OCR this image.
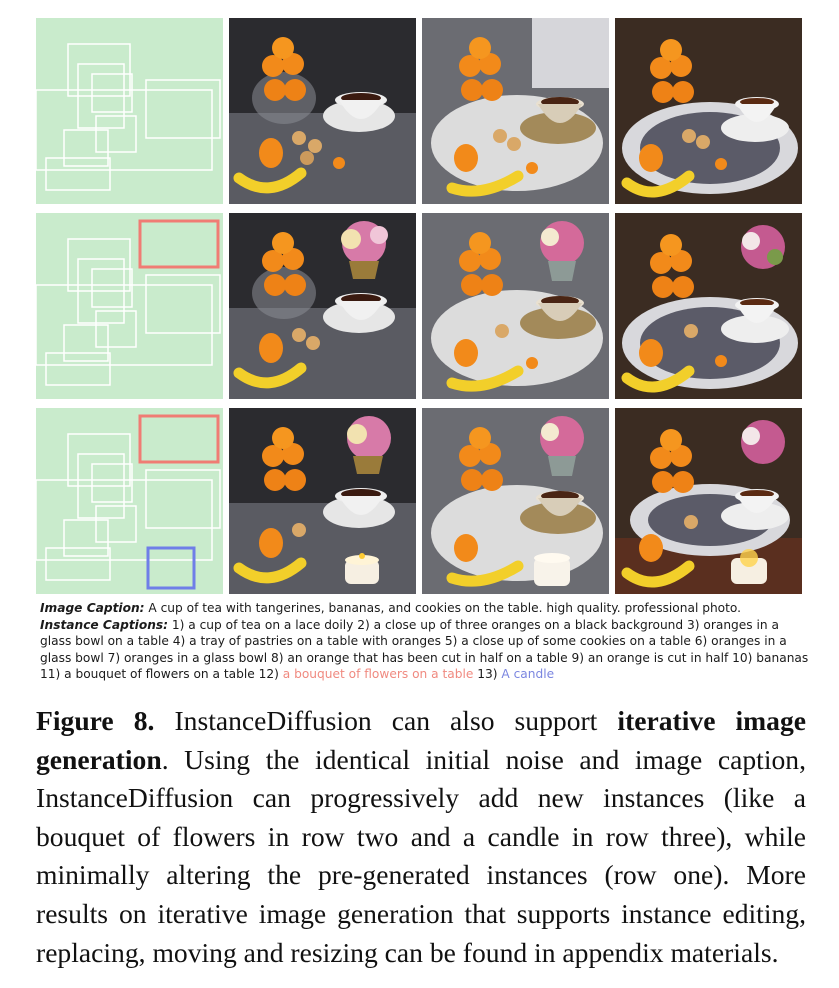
Image Caption: A cup of tea with tangerines, bananas, and cookies on the table. high quality. professional photo.
Instance Captions: 1) a cup of tea on a lace doily 2) a close up of three oranges on a black background 3) oranges in a glass bowl on a table 4) a tray of pastries on a table with oranges 5) a close up of some cookies on a table 6) oranges in a glass bowl 7) oranges in a glass bowl 8) an orange that has been cut in half on a table 9) an orange is cut in half 10) bananas 11) a bouquet of flowers on a table 12) a bouquet of flowers on a table 13) A candle
Figure 8. InstanceDiffusion can also support iterative image generation. Using the identical initial noise and image caption, InstanceDiffusion can progressively add new instances (like a bouquet of flowers in row two and a candle in row three), while minimally altering the pre-generated instances (row one). More results on iterative image generation that supports instance editing, replacing, moving and resizing can be found in appendix materials.
